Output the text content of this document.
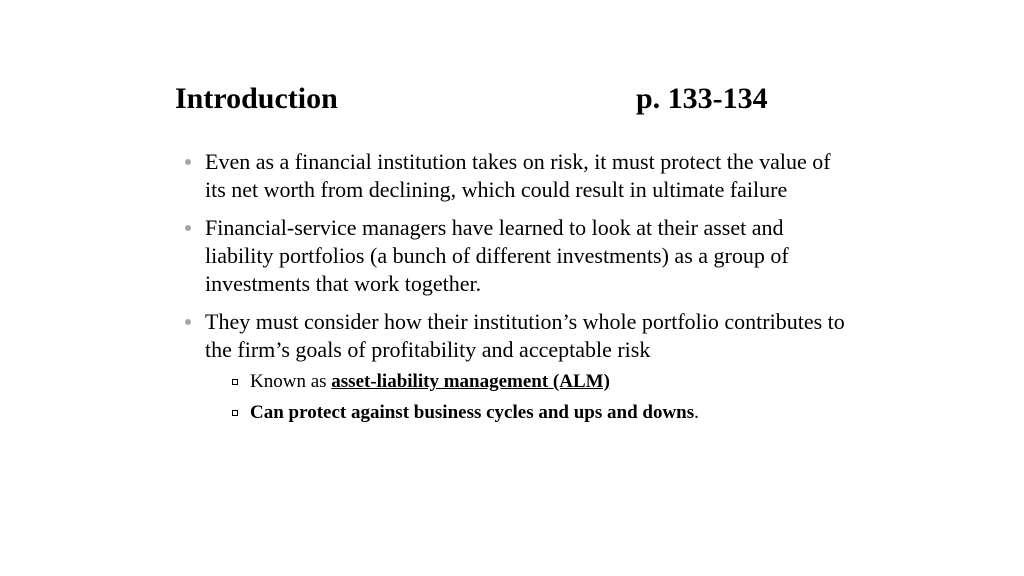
Introduction	p. 133-134
Even as a financial institution takes on risk, it must protect the value of its net worth from declining, which could result in ultimate failure
Financial-service managers have learned to look at their asset and liability portfolios (a bunch of different investments) as a group of investments that work together.
They must consider how their institution’s whole portfolio contributes to the firm’s goals of profitability and acceptable risk
Known as asset-liability management (ALM)
Can protect against business cycles and ups and downs.
